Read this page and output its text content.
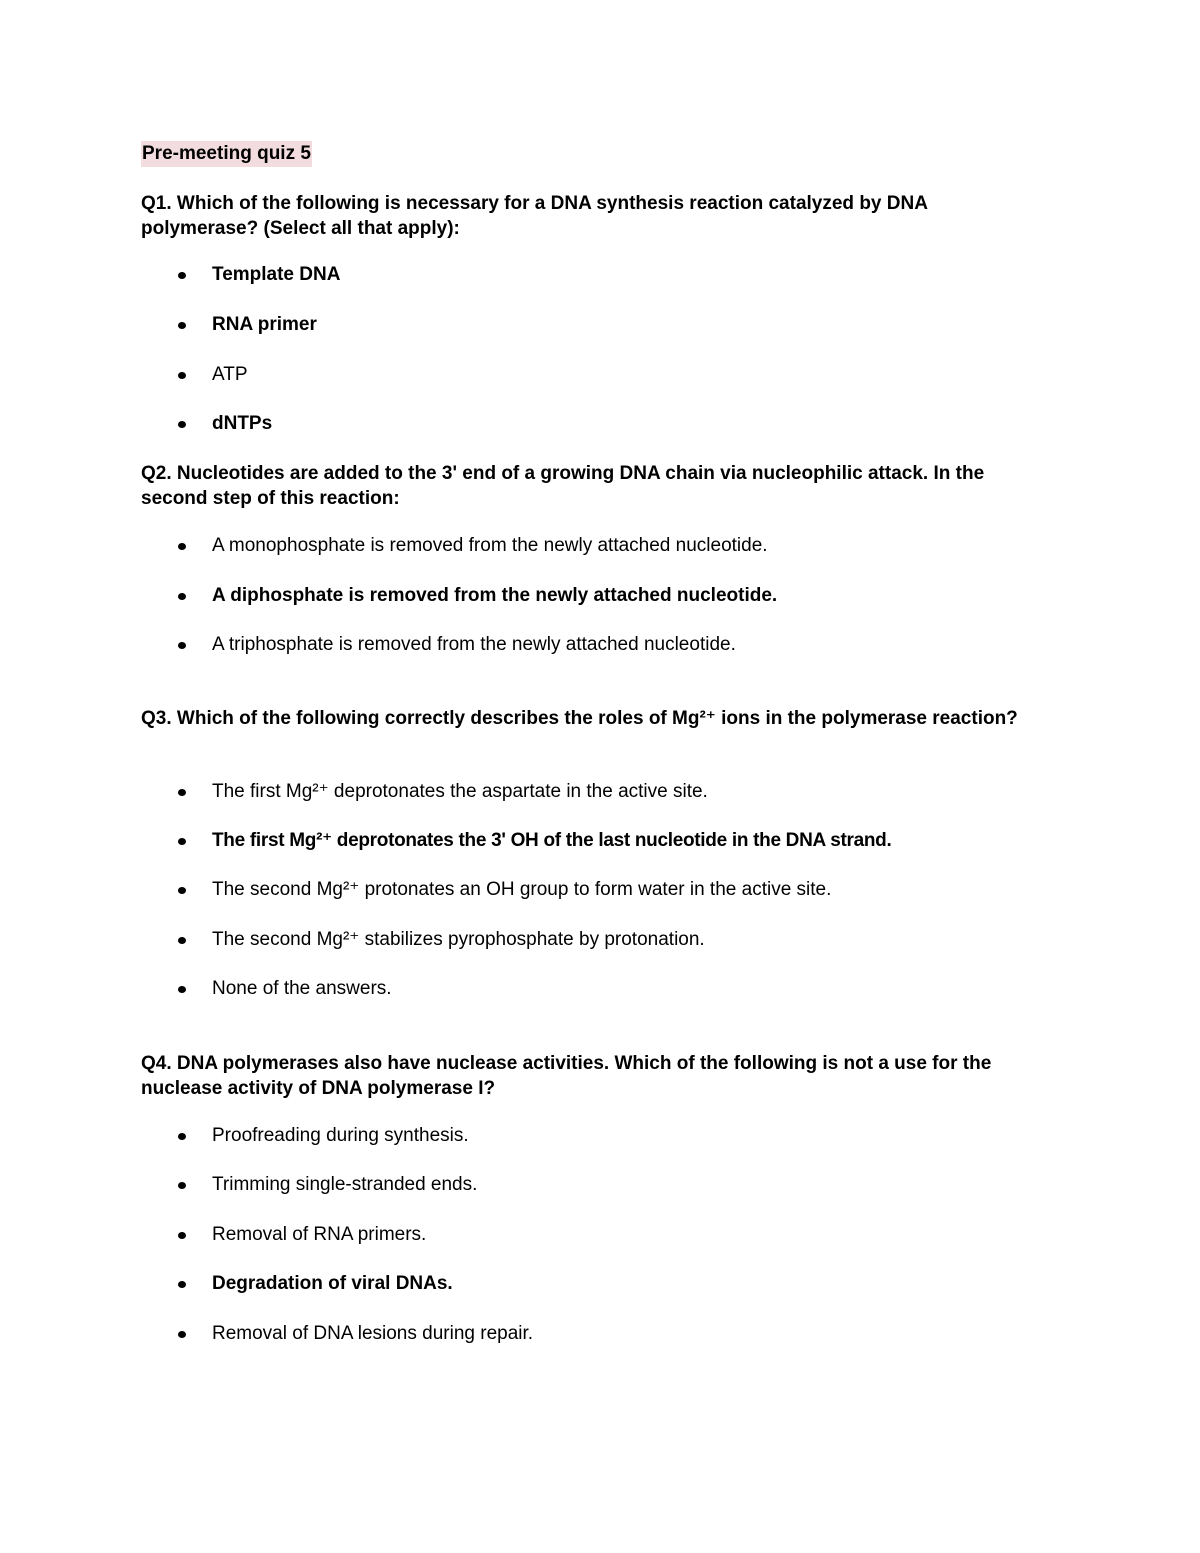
Pre-meeting quiz 5
Q1. Which of the following is necessary for a DNA synthesis reaction catalyzed by DNA polymerase? (Select all that apply):
Template DNA
RNA primer
ATP
dNTPs
Q2. Nucleotides are added to the 3' end of a growing DNA chain via nucleophilic attack. In the second step of this reaction:
A monophosphate is removed from the newly attached nucleotide.
A diphosphate is removed from the newly attached nucleotide.
A triphosphate is removed from the newly attached nucleotide.
Q3. Which of the following correctly describes the roles of Mg²⁺ ions in the polymerase reaction?
The first Mg²⁺ deprotonates the aspartate in the active site.
The first Mg²⁺ deprotonates the 3' OH of the last nucleotide in the DNA strand.
The second Mg²⁺ protonates an OH group to form water in the active site.
The second Mg²⁺ stabilizes pyrophosphate by protonation.
None of the answers.
Q4. DNA polymerases also have nuclease activities. Which of the following is not a use for the nuclease activity of DNA polymerase I?
Proofreading during synthesis.
Trimming single-stranded ends.
Removal of RNA primers.
Degradation of viral DNAs.
Removal of DNA lesions during repair.
